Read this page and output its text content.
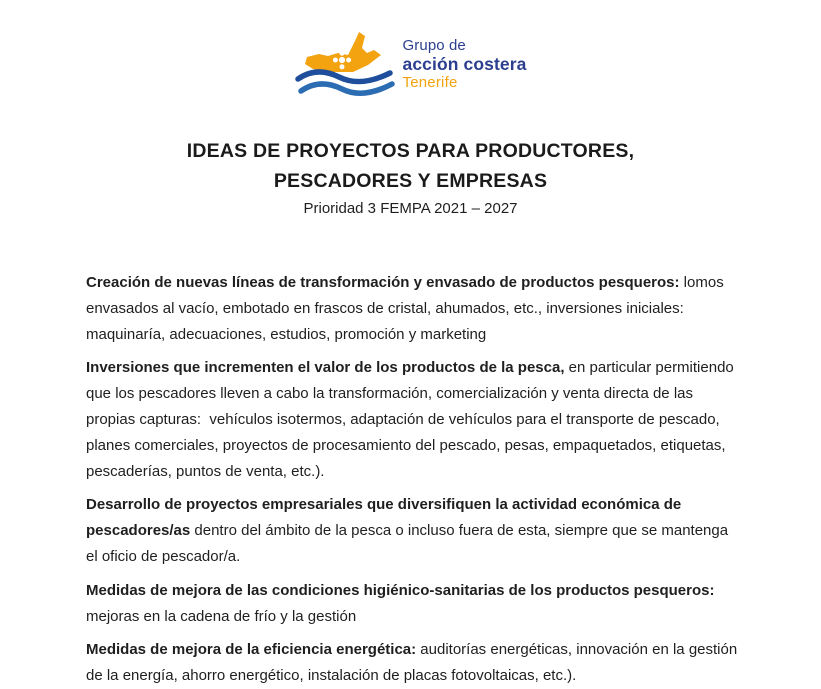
Grupo de
acción costera
Tenerife
IDEAS DE PROYECTOS PARA PRODUCTORES,
PESCADORES Y EMPRESAS
Prioridad 3 FEMPA 2021 – 2027

Creación de nuevas líneas de transformación y envasado de productos pesqueros: lomos envasados al vacío, embotado en frascos de cristal, ahumados, etc., inversiones iniciales: maquinaría, adecuaciones, estudios, promoción y marketing

Inversiones que incrementen el valor de los productos de la pesca, en particular permitiendo que los pescadores lleven a cabo la transformación, comercialización y venta directa de las propias capturas:  vehículos isotermos, adaptación de vehículos para el transporte de pescado, planes comerciales, proyectos de procesamiento del pescado, pesas, empaquetados, etiquetas, pescaderías, puntos de venta, etc.).

Desarrollo de proyectos empresariales que diversifiquen la actividad económica de pescadores/as dentro del ámbito de la pesca o incluso fuera de esta, siempre que se mantenga el oficio de pescador/a.

Medidas de mejora de las condiciones higiénico-sanitarias de los productos pesqueros: mejoras en la cadena de frío y la gestión

Medidas de mejora de la eficiencia energética: auditorías energéticas, innovación en la gestión de la energía, ahorro energético, instalación de placas fotovoltaicas, etc.).
